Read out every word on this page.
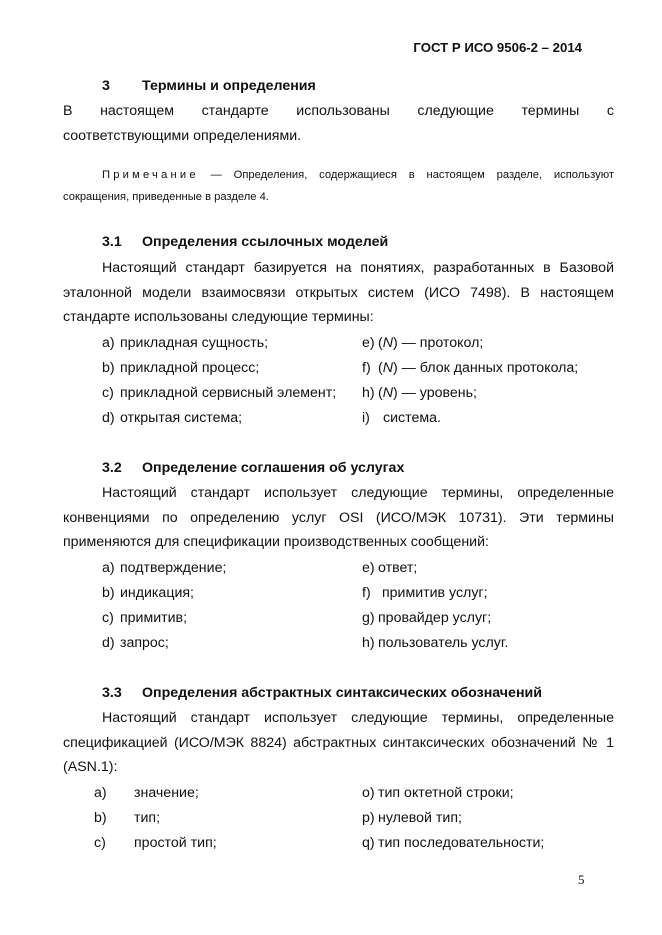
ГОСТ Р ИСО 9506-2 – 2014
3 Термины и определения

В настоящем стандарте использованы следующие термины с
соответствующими определениями.

Примечание — Определения, содержащиеся в настоящем разделе, используют
сокращения, приведенные в разделе 4.

3.1 Определения ссылочных моделей

Настоящий стандарт базируется на понятиях, разработанных в Базовой
эталонной модели взаимосвязи открытых систем (ИСО 7498). В настоящем
стандарте использованы следующие термины:

a) прикладная сущность;
b) прикладной процесс;
c) прикладной сервисный элемент;
d) открытая система;
e) (N) — протокол;
f) (N) — блок данных протокола;
h) (N) — уровень;
i) система.
3.2 Определение соглашения об услугах

Настоящий стандарт использует следующие термины, определенные
конвенциями по определению услуг OSI (ИСО/МЭК 10731). Эти термины
применяются для спецификации производственных сообщений:

a) подтверждение;
b) индикация;
c) примитив;
d) запрос;
e) ответ;
f) примитив услуг;
g) провайдер услуг;
h) пользователь услуг.
3.3 Определения абстрактных синтаксических обозначений

Настоящий стандарт использует следующие термины, определенные
спецификацией (ИСО/МЭК 8824) абстрактных синтаксических обозначений № 1
(ASN.1):

a) значение;
b) тип;
c) простой тип;
o) тип октетной строки;
p) нулевой тип;
q) тип последовательности;
5
